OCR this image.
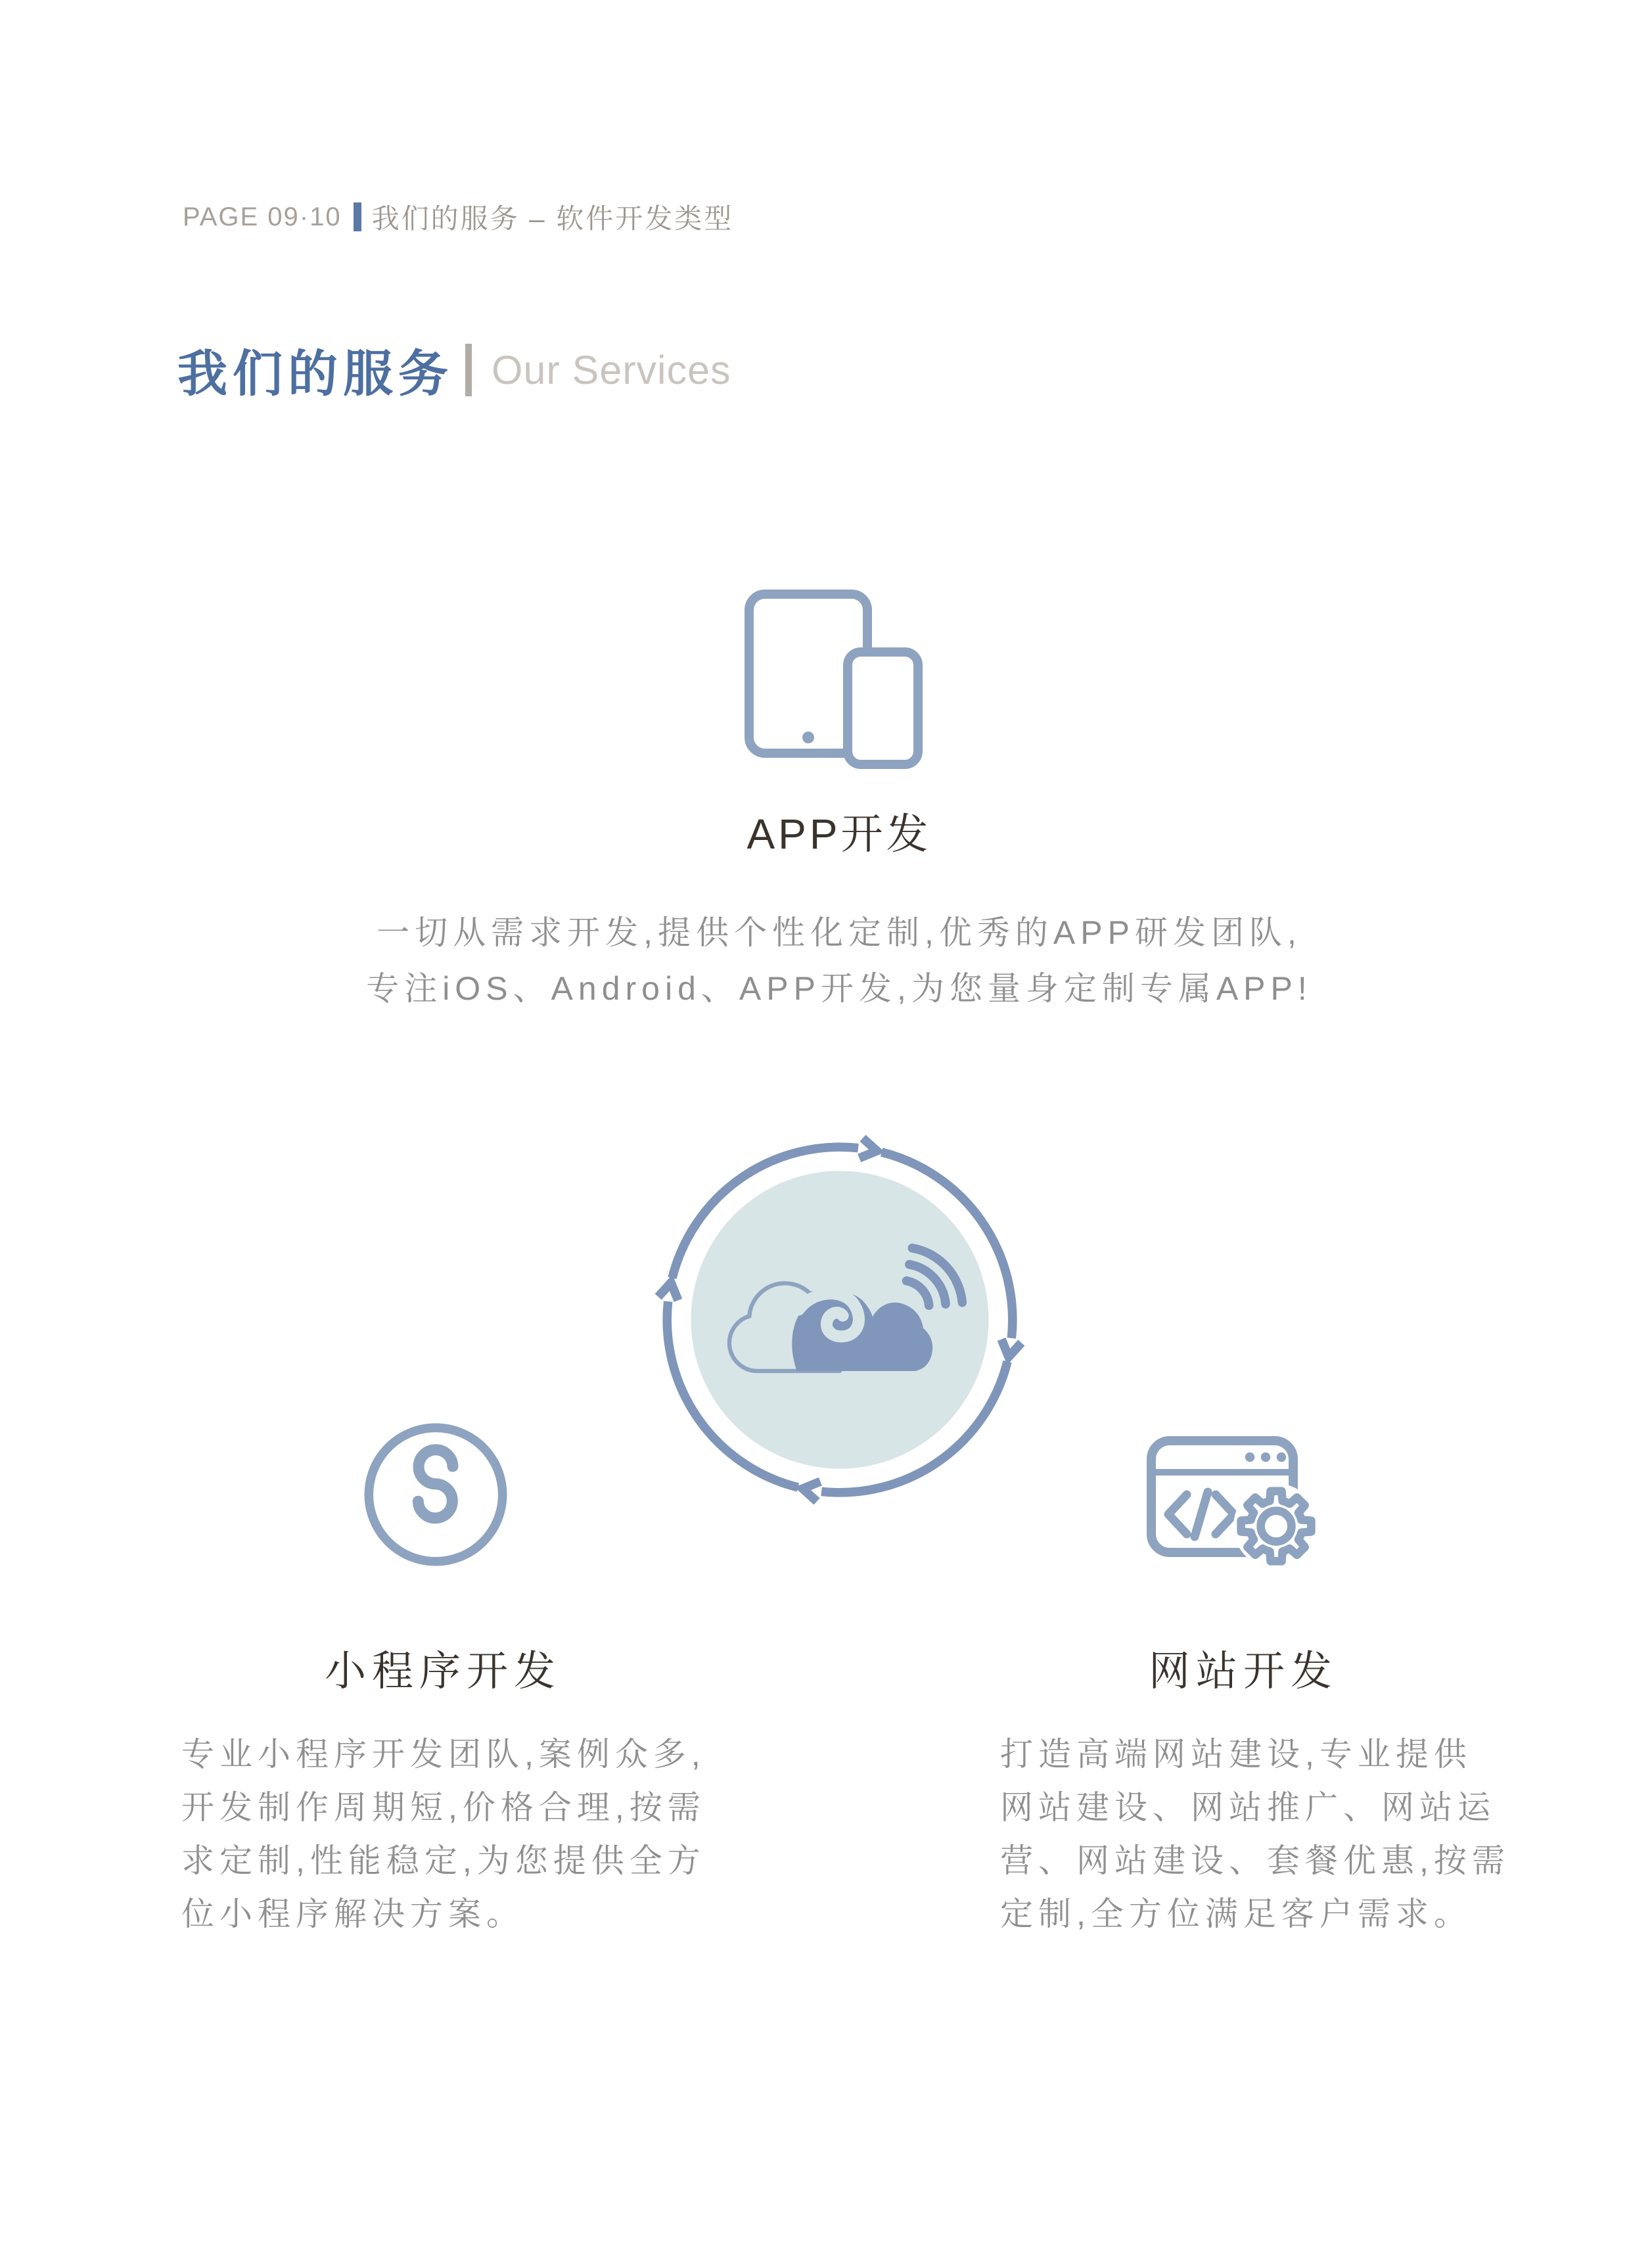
PAGE 09·10 我们的服务 – 软件开发类型
我们的服务 Our Services
APP开发
一切从需求开发,提供个性化定制,优秀的APP研发团队,
专注iOS、Android、APP开发,为您量身定制专属APP!
小程序开发
专业小程序开发团队,案例众多,
开发制作周期短,价格合理,按需
求定制,性能稳定,为您提供全方
位小程序解决方案。
网站开发
打造高端网站建设,专业提供
网站建设、网站推广、网站运
营、网站建设、套餐优惠,按需
定制,全方位满足客户需求。
